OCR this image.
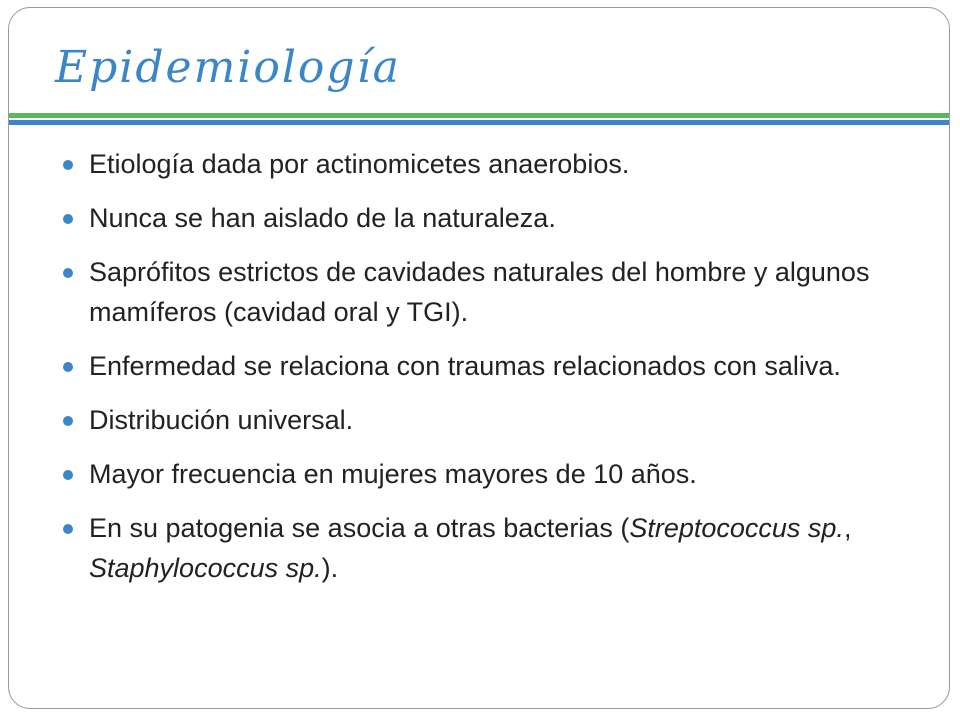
Epidemiología
Etiología dada por actinomicetes anaerobios.
Nunca se han aislado de la naturaleza.
Saprófitos estrictos de cavidades naturales del hombre y algunos mamíferos (cavidad oral y TGI).
Enfermedad se relaciona con traumas relacionados con saliva.
Distribución universal.
Mayor frecuencia en mujeres mayores de 10 años.
En su patogenia se asocia a otras bacterias (Streptococcus sp., Staphylococcus sp.).
